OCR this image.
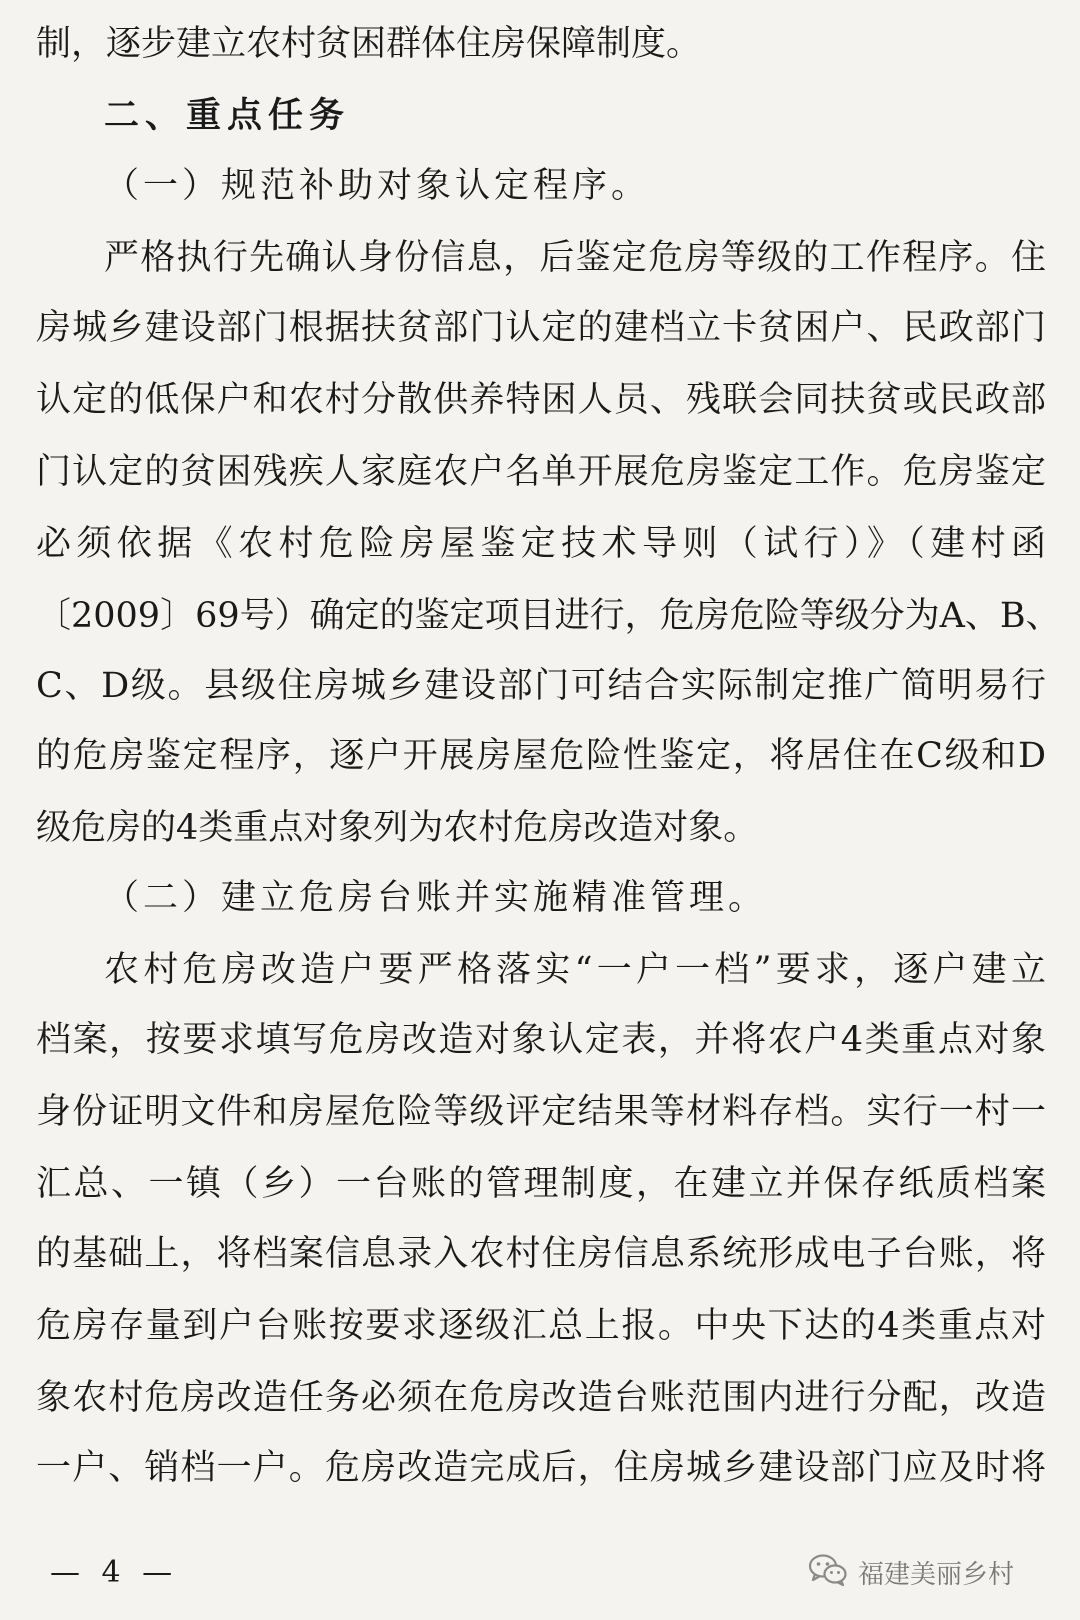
制，逐步建立农村贫困群体住房保障制度。
二、重点任务
（一）规范补助对象认定程序。
严格执行先确认身份信息，后鉴定危房等级的工作程序。住
房城乡建设部门根据扶贫部门认定的建档立卡贫困户、民政部门
认定的低保户和农村分散供养特困人员、残联会同扶贫或民政部
门认定的贫困残疾人家庭农户名单开展危房鉴定工作。危房鉴定
必须依据《农村危险房屋鉴定技术导则（试行）》（建村函
〔2009〕69号）确定的鉴定项目进行，危房危险等级分为A、B、
C、D级。县级住房城乡建设部门可结合实际制定推广简明易行
的危房鉴定程序，逐户开展房屋危险性鉴定，将居住在C级和D
级危房的4类重点对象列为农村危房改造对象。
（二）建立危房台账并实施精准管理。
农村危房改造户要严格落实“一户一档”要求，逐户建立
档案，按要求填写危房改造对象认定表，并将农户4类重点对象
身份证明文件和房屋危险等级评定结果等材料存档。实行一村一
汇总、一镇（乡）一台账的管理制度，在建立并保存纸质档案
的基础上，将档案信息录入农村住房信息系统形成电子台账，将
危房存量到户台账按要求逐级汇总上报。中央下达的4类重点对
象农村危房改造任务必须在危房改造台账范围内进行分配，改造
一户、销档一户。危房改造完成后，住房城乡建设部门应及时将
— 4 —	福建美丽乡村
